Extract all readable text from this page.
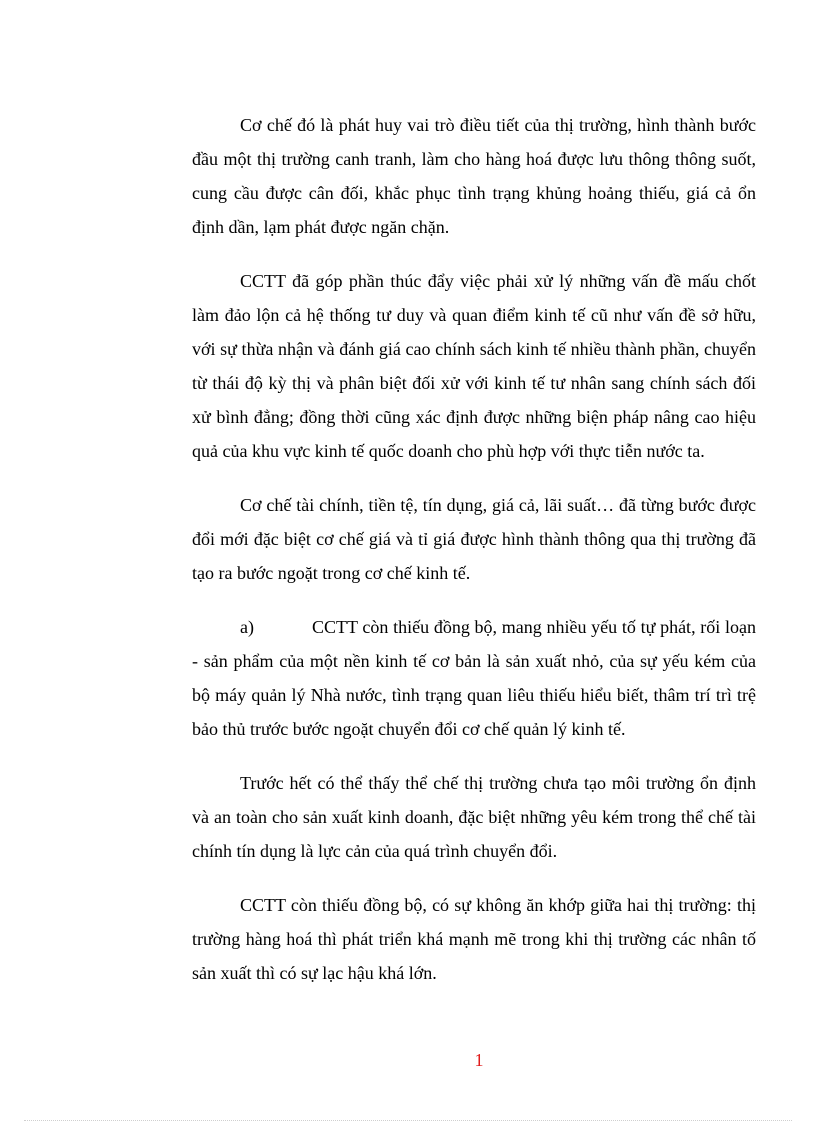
Cơ chế đó là phát huy vai trò điều tiết của thị trường, hình thành bước đầu một thị trường canh tranh, làm cho hàng hoá được lưu thông thông suốt, cung cầu được cân đối, khắc phục tình trạng khủng hoảng thiếu, giá cả ổn định dần, lạm phát được ngăn chặn.

CCTT đã góp phần thúc đẩy việc phải xử lý những vấn đề mấu chốt làm đảo lộn cả hệ thống tư duy và quan điểm kinh tế cũ như vấn đề sở hữu, với sự thừa nhận và đánh giá cao chính sách kinh tế nhiều thành phần, chuyển từ thái độ kỳ thị và phân biệt đối xử với kinh tế tư nhân sang chính sách đối xử bình đẳng; đồng thời cũng xác định được những biện pháp nâng cao hiệu quả của khu vực kinh tế quốc doanh cho phù hợp với thực tiễn nước ta.

Cơ chế tài chính, tiền tệ, tín dụng, giá cả, lãi suất… đã từng bước được đổi mới đặc biệt cơ chế giá và tỉ giá được hình thành thông qua thị trường đã tạo ra bước ngoặt trong cơ chế kinh tế.

a)	CCTT còn thiếu đồng bộ, mang nhiều yếu tố tự phát, rối loạn - sản phẩm của một nền kinh tế cơ bản là sản xuất nhỏ, của sự yếu kém của bộ máy quản lý Nhà nước, tình trạng quan liêu thiếu hiểu biết, thâm trí trì trệ bảo thủ trước bước ngoặt chuyển đổi cơ chế quản lý kinh tế.

Trước hết có thể thấy thể chế thị trường chưa tạo môi trường ổn định và an toàn cho sản xuất kinh doanh, đặc biệt những yêu kém trong thể chế tài chính tín dụng là lực cản của quá trình chuyển đổi.

CCTT còn thiếu đồng bộ, có sự không ăn khớp giữa hai thị trường: thị trường hàng hoá thì phát triển khá mạnh mẽ trong khi thị trường các nhân tố sản xuất thì có sự lạc hậu khá lớn.

1
